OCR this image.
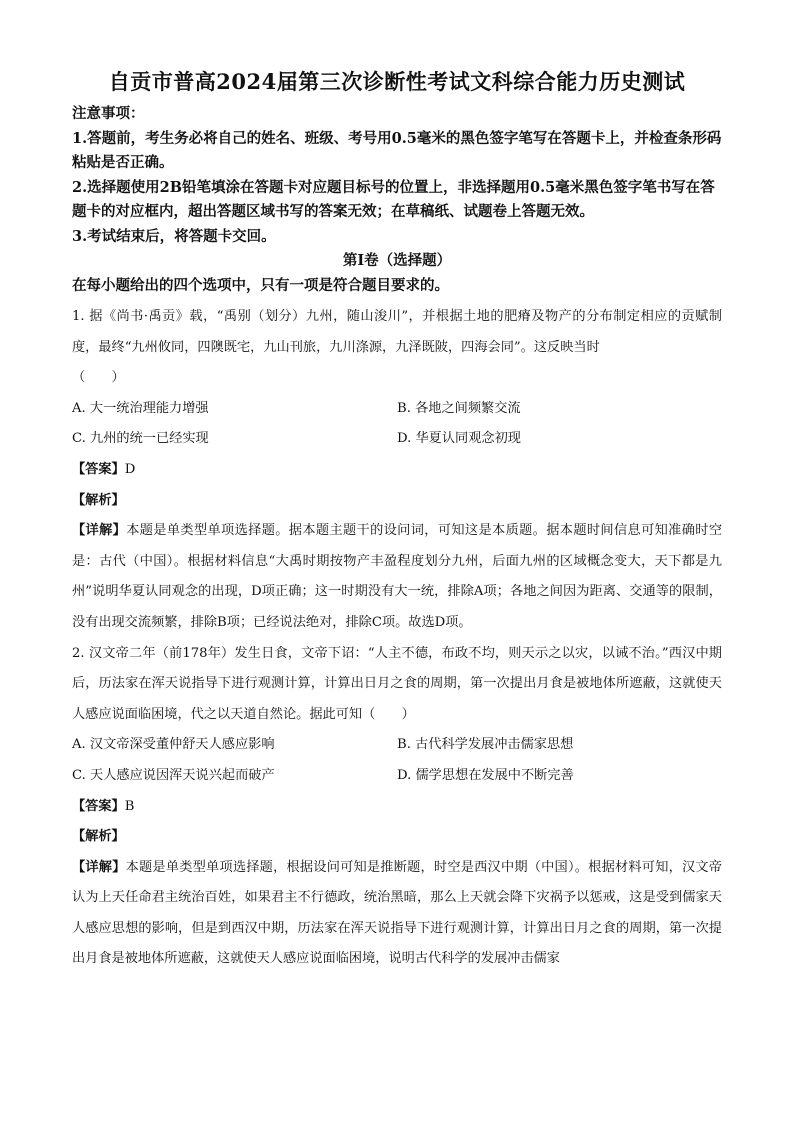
自贡市普高2024届第三次诊断性考试文科综合能力历史测试

注意事项：

1.答题前，考生务必将自己的姓名、班级、考号用0.5毫米的黑色签字笔写在答题卡上，并检查条形码粘贴是否正确。

2.选择题使用2B铅笔填涂在答题卡对应题目标号的位置上，非选择题用0.5毫米黑色签字笔书写在答题卡的对应框内，超出答题区域书写的答案无效；在草稿纸、试题卷上答题无效。

3.考试结束后，将答题卡交回。

第Ⅰ卷（选择题）

在每小题给出的四个选项中，只有一项是符合题目要求的。

1. 据《尚书·禹贡》载，“禹别（划分）九州，随山浚川”，并根据土地的肥瘠及物产的分布制定相应的贡赋制度，最终“九州攸同，四隩既宅，九山刊旅，九川涤源，九泽既陂，四海会同”。这反映当时

（　　）

A. 大一统治理能力增强	B. 各地之间频繁交流
C. 九州的统一已经实现	D. 华夏认同观念初现

【答案】D

【解析】

【详解】本题是单类型单项选择题。据本题主题干的设问词，可知这是本质题。据本题时间信息可知准确时空是：古代（中国）。根据材料信息“大禹时期按物产丰盈程度划分九州，后面九州的区域概念变大，天下都是九州”说明华夏认同观念的出现，D项正确；这一时期没有大一统，排除A项；各地之间因为距离、交通等的限制，没有出现交流频繁，排除B项；已经说法绝对，排除C项。故选D项。

2. 汉文帝二年（前178年）发生日食，文帝下诏：“人主不德，布政不均，则天示之以灾，以诫不治。”西汉中期后，历法家在浑天说指导下进行观测计算，计算出日月之食的周期，第一次提出月食是被地体所遮蔽，这就使天人感应说面临困境，代之以天道自然论。据此可知（　　）

A. 汉文帝深受董仲舒天人感应影响	B. 古代科学发展冲击儒家思想
C. 天人感应说因浑天说兴起而破产	D. 儒学思想在发展中不断完善

【答案】B

【解析】

【详解】本题是单类型单项选择题，根据设问可知是推断题，时空是西汉中期（中国）。根据材料可知，汉文帝认为上天任命君主统治百姓，如果君主不行德政，统治黑暗，那么上天就会降下灾祸予以惩戒，这是受到儒家天人感应思想的影响，但是到西汉中期，历法家在浑天说指导下进行观测计算，计算出日月之食的周期，第一次提出月食是被地体所遮蔽，这就使天人感应说面临困境，说明古代科学的发展冲击儒家
